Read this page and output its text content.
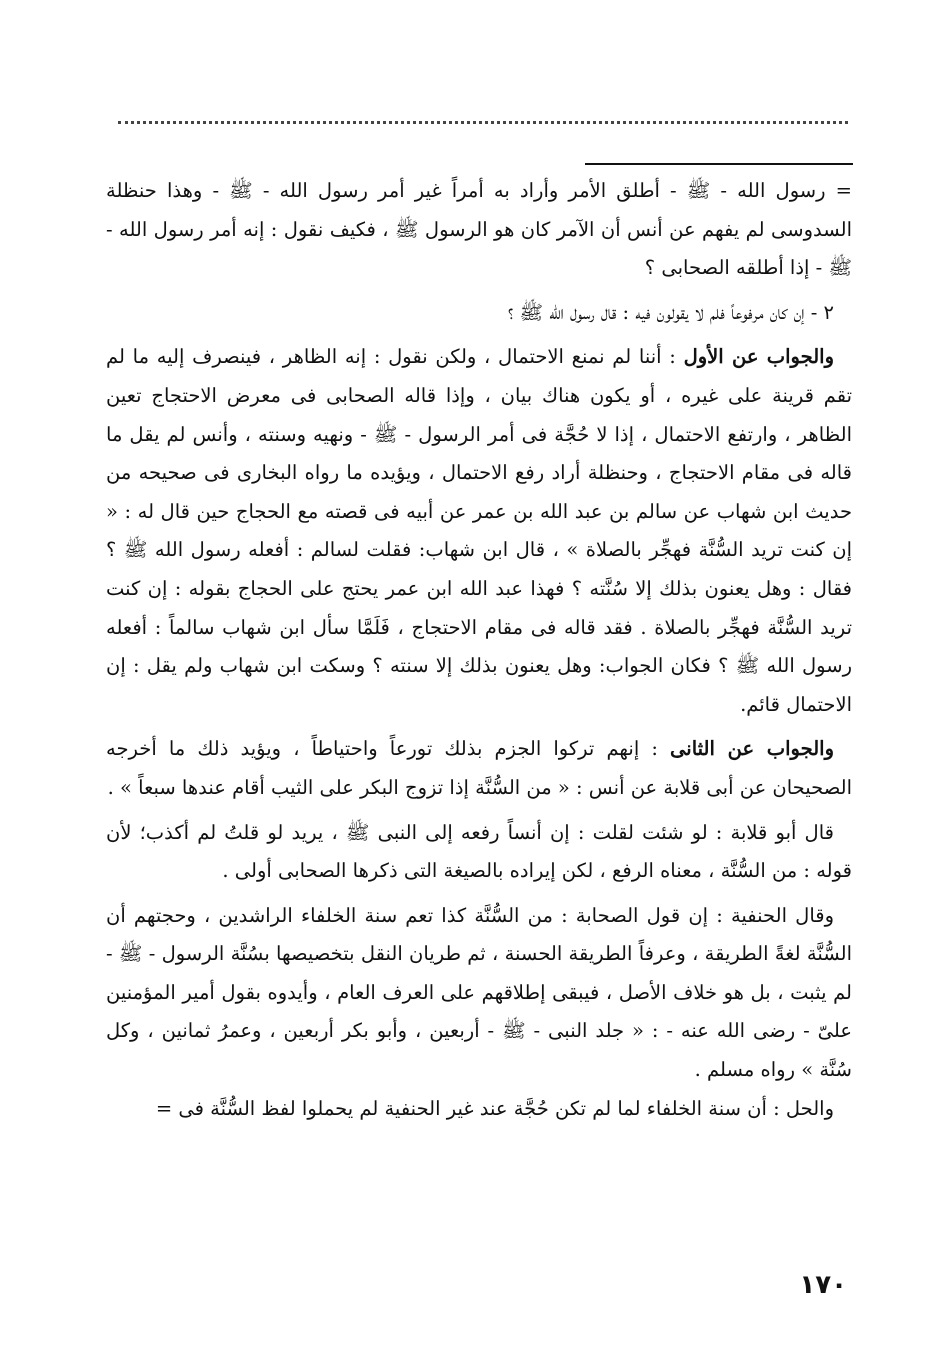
= رسول الله - ﷺ - أطلق الأمر وأراد به أمراً غير أمر رسول الله - ﷺ - وهذا حنظلة السدوسى لم يفهم عن أنس أن الآمر كان هو الرسول ﷺ ، فكيف نقول : إنه أمر رسول الله - ﷺ - إذا أطلقه الصحابى ؟

٢ - إن كان مرفوعاً فلم لا يقولون فيه : قال رسول الله ﷺ ؟

والجواب عن الأول : أننا لم نمنع الاحتمال ، ولكن نقول : إنه الظاهر ، فينصرف إليه ما لم تقم قرينة على غيره ، أو يكون هناك بيان ، وإذا قاله الصحابى فى معرض الاحتجاج تعين الظاهر ، وارتفع الاحتمال ، إذا لا حُجَّة فى أمر الرسول - ﷺ - ونهيه وسنته ، وأنس لم يقل ما قاله فى مقام الاحتجاج ، وحنظلة أراد رفع الاحتمال ، ويؤيده ما رواه البخارى فى صحيحه من حديث ابن شهاب عن سالم بن عبد الله بن عمر عن أبيه فى قصته مع الحجاج حين قال له : « إن كنت تريد السُّنَّة فهجِّر بالصلاة » ، قال ابن شهاب: فقلت لسالم : أفعله رسول الله ﷺ ؟ فقال : وهل يعنون بذلك إلا سُنَّته ؟ فهذا عبد الله ابن عمر يحتج على الحجاج بقوله : إن كنت تريد السُّنَّة فهجِّر بالصلاة . فقد قاله فى مقام الاحتجاج ، فَلَمَّا سأل ابن شهاب سالماً : أفعله رسول الله ﷺ ؟ فكان الجواب: وهل يعنون بذلك إلا سنته ؟ وسكت ابن شهاب ولم يقل : إن الاحتمال قائم.

والجواب عن الثانى : إنهم تركوا الجزم بذلك تورعاً واحتياطاً ، ويؤيد ذلك ما أخرجه الصحيحان عن أبى قلابة عن أنس : « من السُّنَّة إذا تزوج البكر على الثيب أقام عندها سبعاً » .

قال أبو قلابة : لو شئت لقلت : إن أنساً رفعه إلى النبى ﷺ ، يريد لو قلتُ لم أكذب؛ لأن قوله : من السُّنَّة ، معناه الرفع ، لكن إيراده بالصيغة التى ذكرها الصحابى أولى .

وقال الحنفية : إن قول الصحابة : من السُّنَّة كذا تعم سنة الخلفاء الراشدين ، وحجتهم أن السُّنَّة لغةً الطريقة ، وعرفاً الطريقة الحسنة ، ثم طريان النقل بتخصيصها بسُنَّة الرسول - ﷺ - لم يثبت ، بل هو خلاف الأصل ، فيبقى إطلاقهم على العرف العام ، وأيدوه بقول أمير المؤمنين علىّ - رضى الله عنه - : « جلد النبى - ﷺ - أربعين ، وأبو بكر أربعين ، وعمرُ ثمانين ، وكل سُنَّة » رواه مسلم .

والحل : أن سنة الخلفاء لما لم تكن حُجَّة عند غير الحنفية لم يحملوا لفظ السُّنَّة فى =

١٧٠
